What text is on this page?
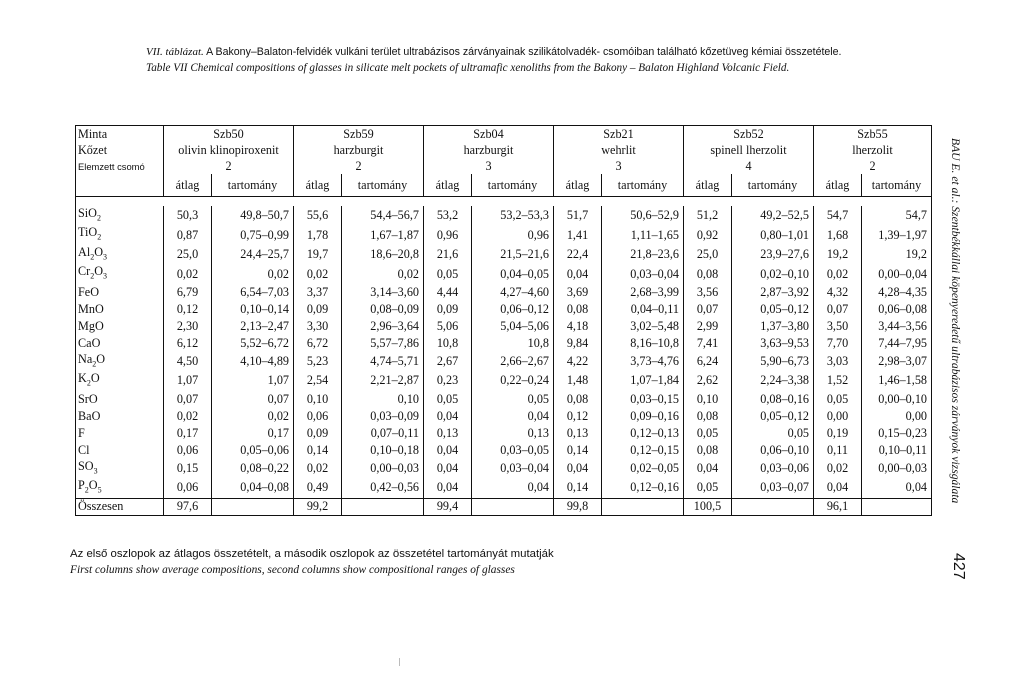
VII. táblázat. A Bakony–Balaton-felvidék vulkáni terület ultrabázisos zárványainak szilikátolvadék- csomóiban található kőzetüveg kémiai összetétele.
Table VII Chemical compositions of glasses in silicate melt pockets of ultramafic xenoliths from the Bakony – Balaton Highland Volcanic Field.
Minta	Szb50		Szb59		Szb04		Szb21		Szb52		Szb55	
Kőzet	olivin klinopiroxenit		harzburgit		harzburgit		wehrlit		spinell lherzolit		lherzolit	
Elemzett csomó	2		2		3		3		4		2	
	átlag	tartomány	átlag	tartomány	átlag	tartomány	átlag	tartomány	átlag	tartomány	átlag	tartomány

SiO$_2$	50,3	49,8–50,7	55,6	54,4–56,7	53,2	53,2–53,3	51,7	50,6–52,9	51,2	49,2–52,5	54,7	54,7
TiO$_2$	0,87	0,75–0,99	1,78	1,67–1,87	0,96	0,96	1,41	1,11–1,65	0,92	0,80–1,01	1,68	1,39–1,97
$Al_2O_3$	25,0	24,4–25,7	19,7	18,6–20,8	21,6	21,5–21,6	22,4	21,8–23,6	25,0	23,9–27,6	19,2	19,2
$Cr_2O_3$	0,02	0,02	0,02	0,02	0,05	0,04–0,05	0,04	0,03–0,04	0,08	0,02–0,10	0,02	0,00–0,04
FeO	6,79	6,54–7,03	3,37	3,14–3,60	4,44	4,27–4,60	3,69	2,68–3,99	3,56	2,87–3,92	4,32	4,28–4,35
MnO	0,12	0,10–0,14	0,09	0,08–0,09	0,09	0,06–0,12	0,08	0,04–0,11	0,07	0,05–0,12	0,07	0,06–0,08
MgO	2,30	2,13–2,47	3,30	2,96–3,64	5,06	5,04–5,06	4,18	3,02–5,48	2,99	1,37–3,80	3,50	3,44–3,56
CaO	6,12	5,52–6,72	6,72	5,57–7,86	10,8	10,8	9,84	8,16–10,8	7,41	3,63–9,53	7,70	7,44–7,95
$Na_2O$	4,50	4,10–4,89	5,23	4,74–5,71	2,67	2,66–2,67	4,22	3,73–4,76	6,24	5,90–6,73	3,03	2,98–3,07
$K_2O$	1,07	1,07	2,54	2,21–2,87	0,23	0,22–0,24	1,48	1,07–1,84	2,62	2,24–3,38	1,52	1,46–1,58
SrO	0,07	0,07	0,10	0,10	0,05	0,05	0,08	0,03–0,15	0,10	0,08–0,16	0,05	0,00–0,10
BaO	0,02	0,02	0,06	0,03–0,09	0,04	0,04	0,12	0,09–0,16	0,08	0,05–0,12	0,00	0,00
F	0,17	0,17	0,09	0,07–0,11	0,13	0,13	0,13	0,12–0,13	0,05	0,05	0,19	0,15–0,23
Cl	0,06	0,05–0,06	0,14	0,10–0,18	0,04	0,03–0,05	0,14	0,12–0,15	0,08	0,06–0,10	0,11	0,10–0,11
$SO_3$	0,15	0,08–0,22	0,02	0,00–0,03	0,04	0,03–0,04	0,04	0,02–0,05	0,04	0,03–0,06	0,02	0,00–0,03
$P_2O_5$	0,06	0,04–0,08	0,49	0,42–0,56	0,04	0,04	0,14	0,12–0,16	0,05	0,03–0,07	0,04	0,04
Összesen	97,6		99,2		99,4		99,8		100,5		96,1	
Az első oszlopok az átlagos összetételt, a második oszlopok az összetétel tartományát mutatják
First columns show average compositions, second columns show compositional ranges of glasses
BAU E. et al.: Szentbékkállai köpenyeredetű ultrabázisos zárványok vizsgálata
427
